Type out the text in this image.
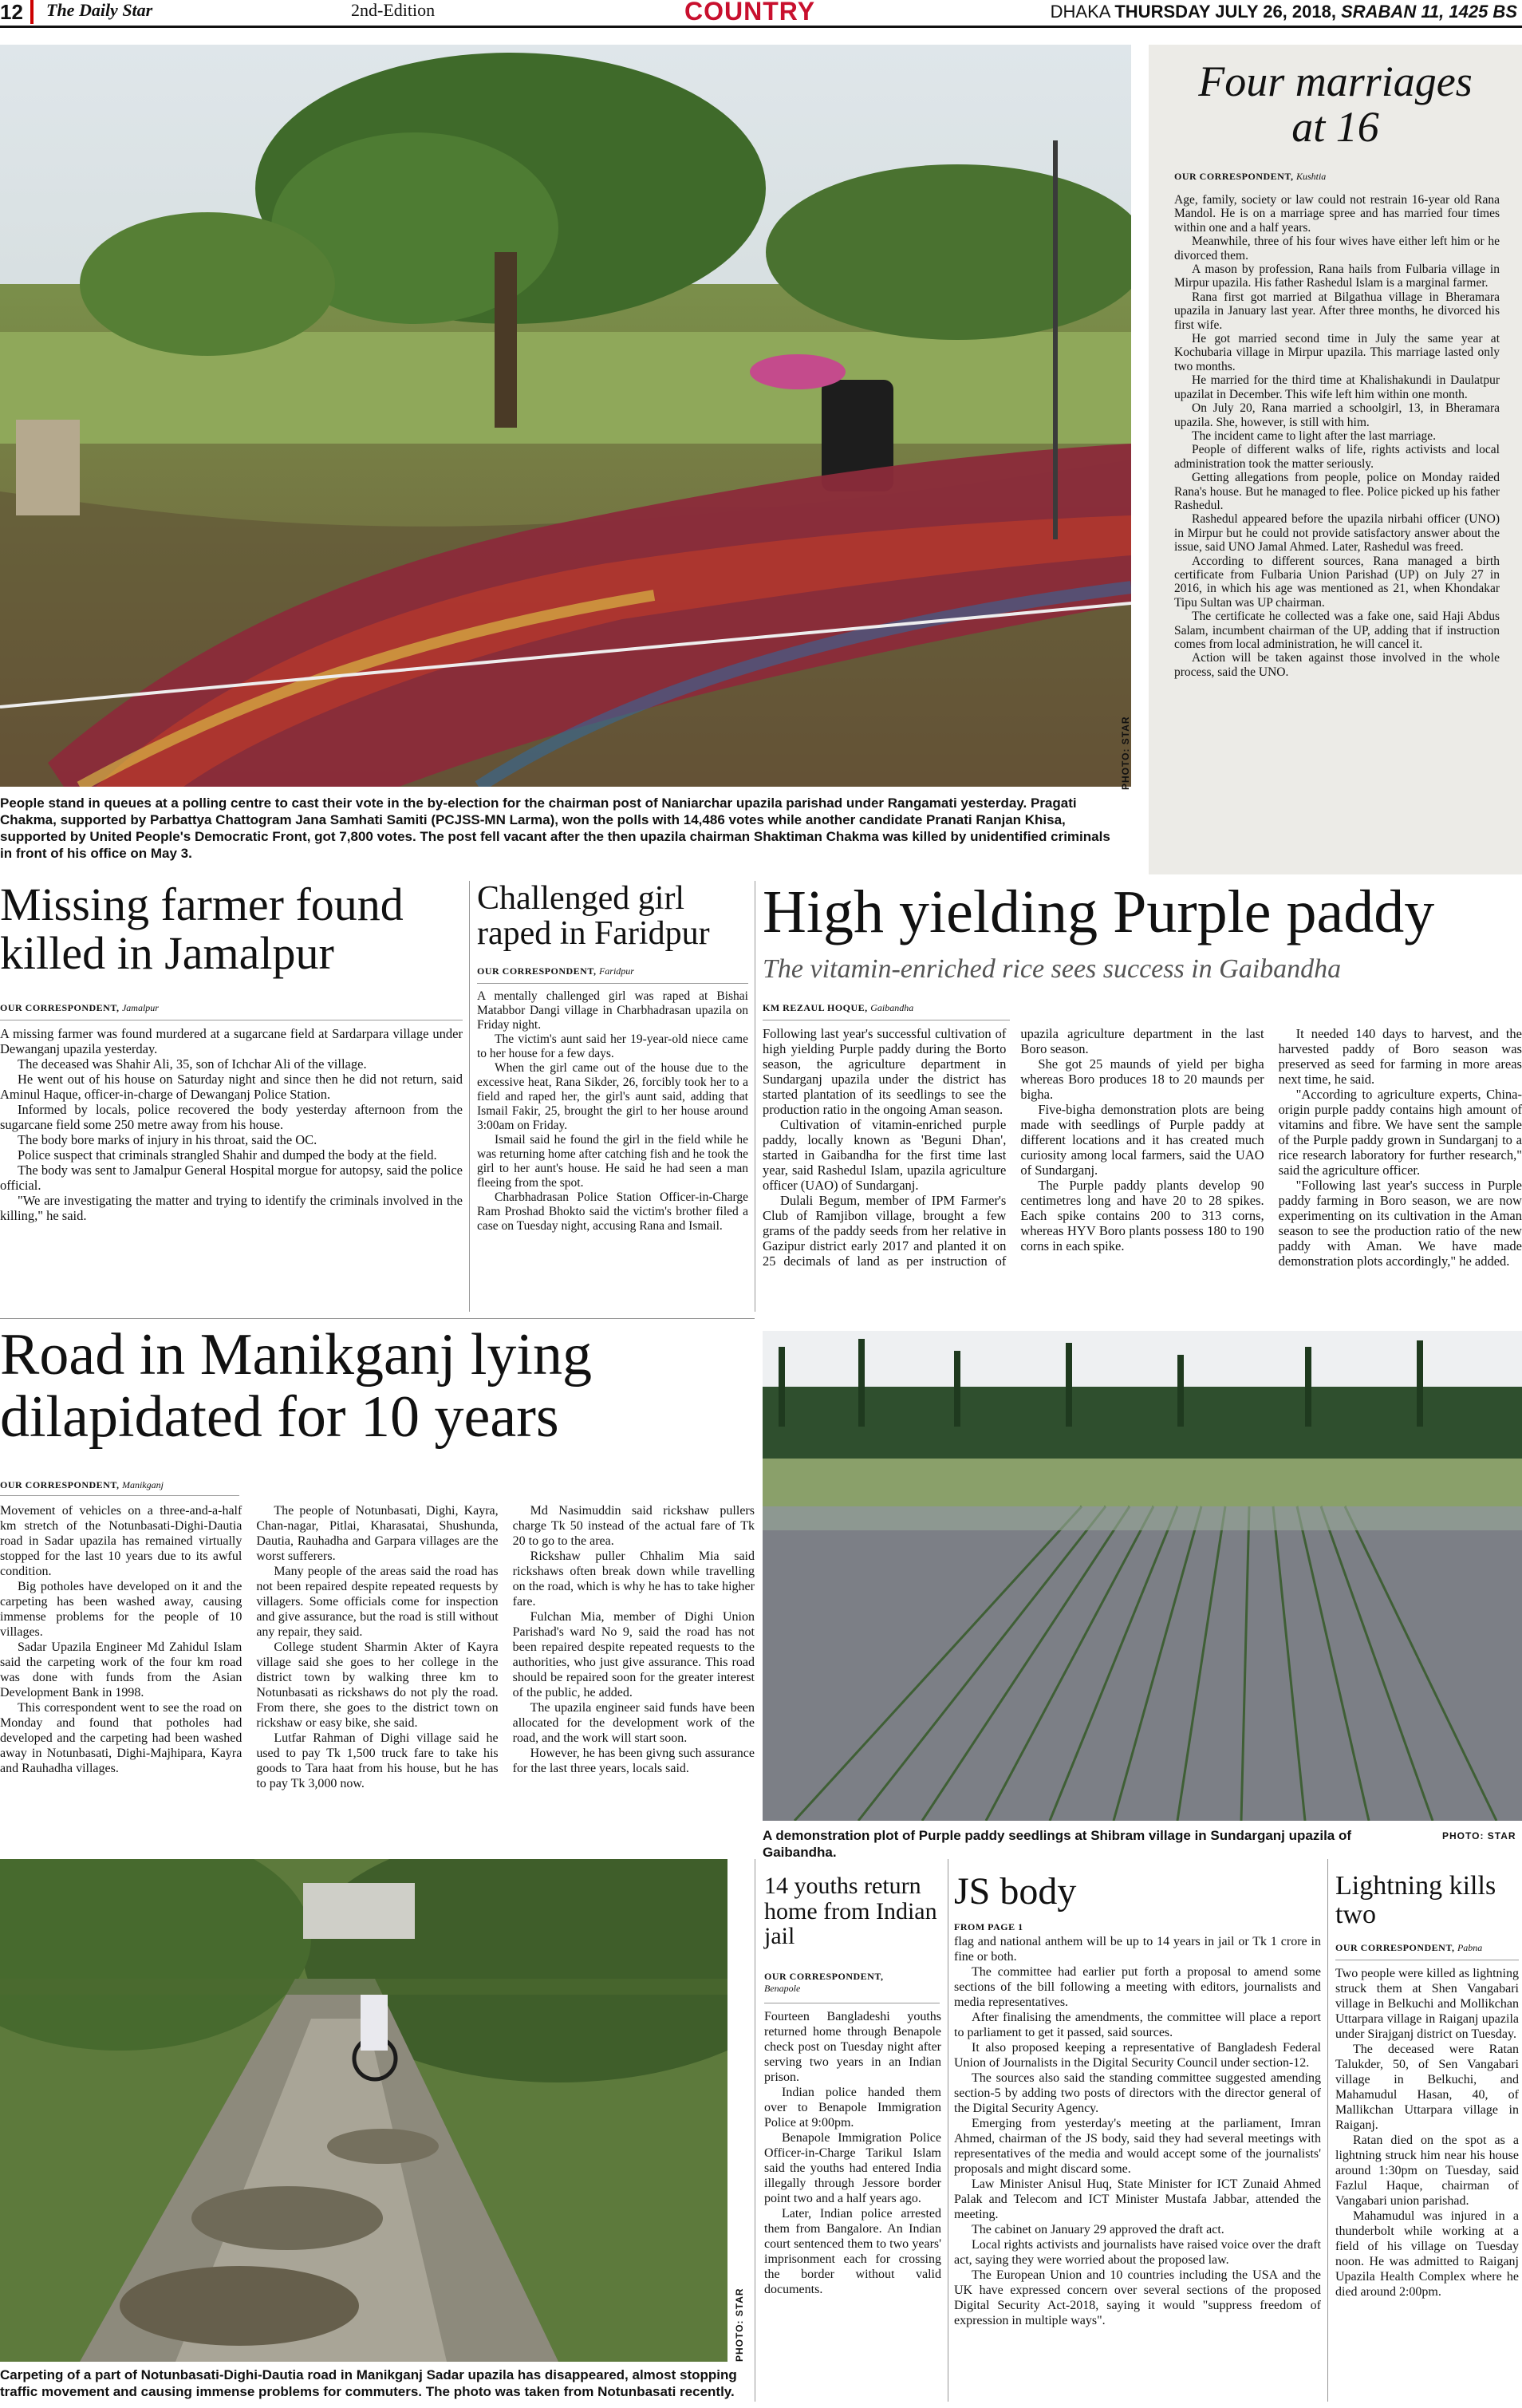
12 The Daily Star	2nd-Edition	COUNTRY	DHAKA THURSDAY JULY 26, 2018, SRABAN 11, 1425 BS
PHOTO: STAR
People stand in queues at a polling centre to cast their vote in the by-election for the chairman post of Naniarchar upazila parishad under Rangamati yesterday. Pragati Chakma, supported by Parbattya Chattogram Jana Samhati Samiti (PCJSS-MN Larma), won the polls with 14,486 votes while another candidate Pranati Ranjan Khisa, supported by United People's Democratic Front, got 7,800 votes. The post fell vacant after the then upazila chairman Shaktiman Chakma was killed by unidentified criminals in front of his office on May 3.
Four marriages
at 16
OUR CORRESPONDENT, Kushtia

Age, family, society or law could not restrain 16-year old Rana Mandol. He is on a marriage spree and has married four times within one and a half years.

Meanwhile, three of his four wives have either left him or he divorced them.

A mason by profession, Rana hails from Fulbaria village in Mirpur upazila. His father Rashedul Islam is a marginal farmer.

Rana first got married at Bilgathua village in Bheramara upazila in January last year. After three months, he divorced his first wife.

He got married second time in July the same year at Kochubaria village in Mirpur upazila. This marriage lasted only two months.

He married for the third time at Khalishakundi in Daulatpur upazilat in December. This wife left him within one month.

On July 20, Rana married a schoolgirl, 13, in Bheramara upazila. She, however, is still with him.

The incident came to light after the last marriage.

People of different walks of life, rights activists and local administration took the matter seriously.

Getting allegations from people, police on Monday raided Rana's house. But he managed to flee. Police picked up his father Rashedul.

Rashedul appeared before the upazila nirbahi officer (UNO) in Mirpur but he could not provide satisfactory answer about the issue, said UNO Jamal Ahmed. Later, Rashedul was freed.

According to different sources, Rana managed a birth certificate from Fulbaria Union Parishad (UP) on July 27 in 2016, in which his age was mentioned as 21, when Khondakar Tipu Sultan was UP chairman.

The certificate he collected was a fake one, said Haji Abdus Salam, incumbent chairman of the UP, adding that if instruction comes from local administration, he will cancel it.

Action will be taken against those involved in the whole process, said the UNO.

Missing farmer found killed in Jamalpur
OUR CORRESPONDENT, Jamalpur

A missing farmer was found murdered at a sugarcane field at Sardarpara village under Dewanganj upazila yesterday.

The deceased was Shahir Ali, 35, son of Ichchar Ali of the village.

He went out of his house on Saturday night and since then he did not return, said Aminul Haque, officer-in-charge of Dewanganj Police Station.

Informed by locals, police recovered the body yesterday afternoon from the sugarcane field some 250 metre away from his house.

The body bore marks of injury in his throat, said the OC.

Police suspect that criminals strangled Shahir and dumped the body at the field.

The body was sent to Jamalpur General Hospital morgue for autopsy, said the police official.

"We are investigating the matter and trying to identify the criminals involved in the killing," he said.

Challenged girl raped in Faridpur
OUR CORRESPONDENT, Faridpur

A mentally challenged girl was raped at Bishai Matabbor Dangi village in Charbhadrasan upazila on Friday night.

The victim's aunt said her 19-year-old niece came to her house for a few days.

When the girl came out of the house due to the excessive heat, Rana Sikder, 26, forcibly took her to a field and raped her, the girl's aunt said, adding that Ismail Fakir, 25, brought the girl to her house around 3:00am on Friday.

Ismail said he found the girl in the field while he was returning home after catching fish and he took the girl to her aunt's house. He said he had seen a man fleeing from the spot.

Charbhadrasan Police Station Officer-in-Charge Ram Proshad Bhokto said the victim's brother filed a case on Tuesday night, accusing Rana and Ismail.

High yielding Purple paddy
The vitamin-enriched rice sees success in Gaibandha
KM REZAUL HOQUE, Gaibandha

Following last year's successful cultivation of high yielding Purple paddy during the Borto season, the agriculture department in Sundarganj upazila under the district has started plantation of its seedlings to see the production ratio in the ongoing Aman season.

Cultivation of vitamin-enriched purple paddy, locally known as 'Beguni Dhan', started in Gaibandha for the first time last year, said Rashedul Islam, upazila agriculture officer (UAO) of Sundarganj.

Dulali Begum, member of IPM Farmer's Club of Ramjibon village, brought a few grams of the paddy seeds from her relative in Gazipur district early 2017 and planted it on 25 decimals of land as per instruction of upazila agriculture department in the last Boro season.

She got 25 maunds of yield per bigha whereas Boro produces 18 to 20 maunds per bigha.

Five-bigha demonstration plots are being made with seedlings of Purple paddy at different locations and it has created much curiosity among local farmers, said the UAO of Sundarganj.

The Purple paddy plants develop 90 centimetres long and have 20 to 28 spikes. Each spike contains 200 to 313 corns, whereas HYV Boro plants possess 180 to 190 corns in each spike.

It needed 140 days to harvest, and the harvested paddy of Boro season was preserved as seed for farming in more areas next time, he said.

"According to agriculture experts, China-origin purple paddy contains high amount of vitamins and fibre. We have sent the sample of the Purple paddy grown in Sundarganj to a rice research laboratory for further research," said the agriculture officer.

"Following last year's success in Purple paddy farming in Boro season, we are now experimenting on its cultivation in the Aman season to see the production ratio of the new paddy with Aman. We have made demonstration plots accordingly," he added.

Road in Manikganj lying dilapidated for 10 years
OUR CORRESPONDENT, Manikganj

Movement of vehicles on a three-and-a-half km stretch of the Notunbasati-Dighi-Dautia road in Sadar upazila has remained virtually stopped for the last 10 years due to its awful condition.

Big potholes have developed on it and the carpeting has been washed away, causing immense problems for the people of 10 villages.

Sadar Upazila Engineer Md Zahidul Islam said the carpeting work of the four km road was done with funds from the Asian Development Bank in 1998.

This correspondent went to see the road on Monday and found that potholes had developed and the carpeting had been washed away in Notunbasati, Dighi-Majhipara, Kayra and Rauhadha villages.

The people of Notunbasati, Dighi, Kayra, Chan-nagar, Pitlai, Kharasatai, Shushunda, Dautia, Rauhadha and Garpara villages are the worst sufferers.

Many people of the areas said the road has not been repaired despite repeated requests by villagers. Some officials come for inspection and give assurance, but the road is still without any repair, they said.

College student Sharmin Akter of Kayra village said she goes to her college in the district town by walking three km to Notunbasati as rickshaws do not ply the road. From there, she goes to the district town on rickshaw or easy bike, she said.

Lutfar Rahman of Dighi village said he used to pay Tk 1,500 truck fare to take his goods to Tara haat from his house, but he has to pay Tk 3,000 now.

Md Nasimuddin said rickshaw pullers charge Tk 50 instead of the actual fare of Tk 20 to go to the area.

Rickshaw puller Chhalim Mia said rickshaws often break down while travelling on the road, which is why he has to take higher fare.

Fulchan Mia, member of Dighi Union Parishad's ward No 9, said the road has not been repaired despite repeated requests to the authorities, who just give assurance. This road should be repaired soon for the greater interest of the public, he added.

The upazila engineer said funds have been allocated for the development work of the road, and the work will start soon.

However, he has been givng such assurance for the last three years, locals said.

A demonstration plot of Purple paddy seedlings at Shibram village in Sundarganj upazila of Gaibandha.
PHOTO: STAR
PHOTO: STAR
Carpeting of a part of Notunbasati-Dighi-Dautia road in Manikganj Sadar upazila has disappeared, almost stopping traffic movement and causing immense problems for commuters. The photo was taken from Notunbasati recently.
14 youths return home from Indian jail
OUR CORRESPONDENT,
Benapole

Fourteen Bangladeshi youths returned home through Benapole check post on Tuesday night after serving two years in an Indian prison.

Indian police handed them over to Benapole Immigration Police at 9:00pm.

Benapole Immigration Police Officer-in-Charge Tarikul Islam said the youths had entered India illegally through Jessore border point two and a half years ago.

Later, Indian police arrested them from Bangalore. An Indian court sentenced them to two years' imprisonment each for crossing the border without valid documents.

JS body
FROM PAGE 1

flag and national anthem will be up to 14 years in jail or Tk 1 crore in fine or both.

The committee had earlier put forth a proposal to amend some sections of the bill following a meeting with editors, journalists and media representatives.

After finalising the amendments, the committee will place a report to parliament to get it passed, said sources.

It also proposed keeping a representative of Bangladesh Federal Union of Journalists in the Digital Security Council under section-12.

The sources also said the standing committee suggested amending section-5 by adding two posts of directors with the director general of the Digital Security Agency.

Emerging from yesterday's meeting at the parliament, Imran Ahmed, chairman of the JS body, said they had several meetings with representatives of the media and would accept some of the journalists' proposals and might discard some.

Law Minister Anisul Huq, State Minister for ICT Zunaid Ahmed Palak and Telecom and ICT Minister Mustafa Jabbar, attended the meeting.

The cabinet on January 29 approved the draft act.

Local rights activists and journalists have raised voice over the draft act, saying they were worried about the proposed law.

The European Union and 10 countries including the USA and the UK have expressed concern over several sections of the proposed Digital Security Act-2018, saying it would "suppress freedom of expression in multiple ways".

Lightning kills two
OUR CORRESPONDENT, Pabna

Two people were killed as lightning struck them at Shen Vangabari village in Belkuchi and Mollikchan Uttarpara village in Raiganj upazila under Sirajganj district on Tuesday.

The deceased were Ratan Talukder, 50, of Sen Vangabari village in Belkuchi, and Mahamudul Hasan, 40, of Mallikchan Uttarpara village in Raiganj.

Ratan died on the spot as a lightning struck him near his house around 1:30pm on Tuesday, said Fazlul Haque, chairman of Vangabari union parishad.

Mahamudul was injured in a thunderbolt while working at a field of his village on Tuesday noon. He was admitted to Raiganj Upazila Health Complex where he died around 2:00pm.
